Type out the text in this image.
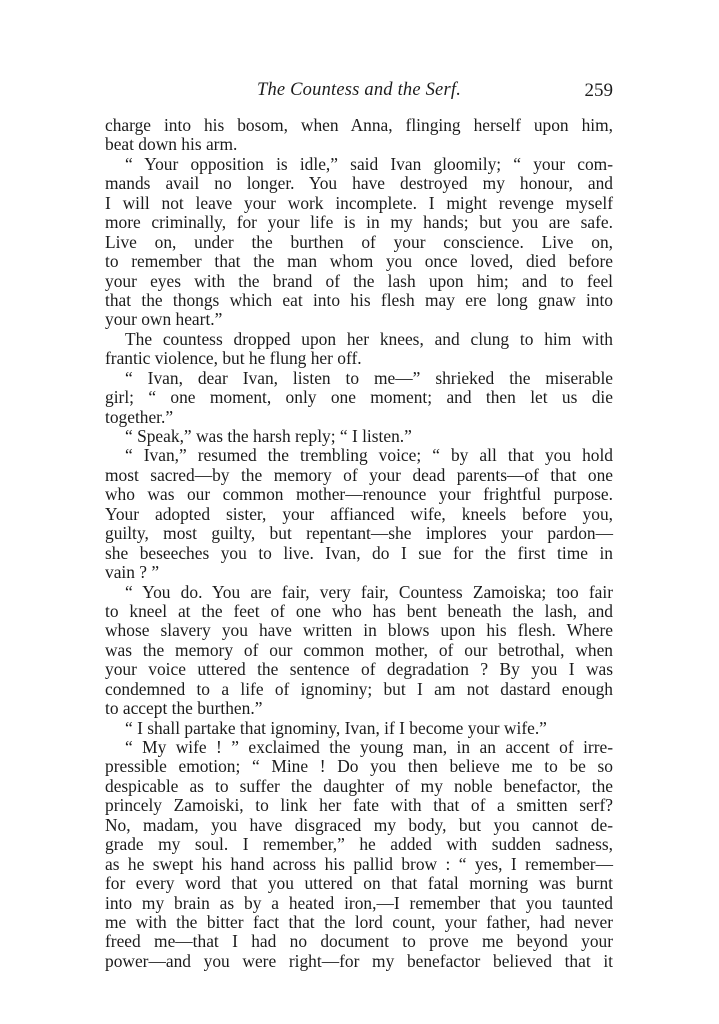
The Countess and the Serf.	259
charge into his bosom, when Anna, flinging herself upon him,
beat down his arm.
“ Your opposition is idle,” said Ivan gloomily; “ your com-
mands avail no longer. You have destroyed my honour, and
I will not leave your work incomplete. I might revenge myself
more criminally, for your life is in my hands; but you are safe.
Live on, under the burthen of your conscience. Live on,
to remember that the man whom you once loved, died before
your eyes with the brand of the lash upon him; and to feel
that the thongs which eat into his flesh may ere long gnaw into
your own heart.”
The countess dropped upon her knees, and clung to him with
frantic violence, but he flung her off.
“ Ivan, dear Ivan, listen to me—” shrieked the miserable
girl; “ one moment, only one moment; and then let us die
together.”
“ Speak,” was the harsh reply; “ I listen.”
“ Ivan,” resumed the trembling voice; “ by all that you hold
most sacred—by the memory of your dead parents—of that one
who was our common mother—renounce your frightful purpose.
Your adopted sister, your affianced wife, kneels before you,
guilty, most guilty, but repentant—she implores your pardon—
she beseeches you to live. Ivan, do I sue for the first time in
vain ? ”
“ You do. You are fair, very fair, Countess Zamoiska; too fair
to kneel at the feet of one who has bent beneath the lash, and
whose slavery you have written in blows upon his flesh. Where
was the memory of our common mother, of our betrothal, when
your voice uttered the sentence of degradation ? By you I was
condemned to a life of ignominy; but I am not dastard enough
to accept the burthen.”
“ I shall partake that ignominy, Ivan, if I become your wife.”
“ My wife ! ” exclaimed the young man, in an accent of irre-
pressible emotion; “ Mine ! Do you then believe me to be so
despicable as to suffer the daughter of my noble benefactor, the
princely Zamoiski, to link her fate with that of a smitten serf?
No, madam, you have disgraced my body, but you cannot de-
grade my soul. I remember,” he added with sudden sadness,
as he swept his hand across his pallid brow : “ yes, I remember—
for every word that you uttered on that fatal morning was burnt
into my brain as by a heated iron,—I remember that you taunted
me with the bitter fact that the lord count, your father, had never
freed me—that I had no document to prove me beyond your
power—and you were right—for my benefactor believed that it
